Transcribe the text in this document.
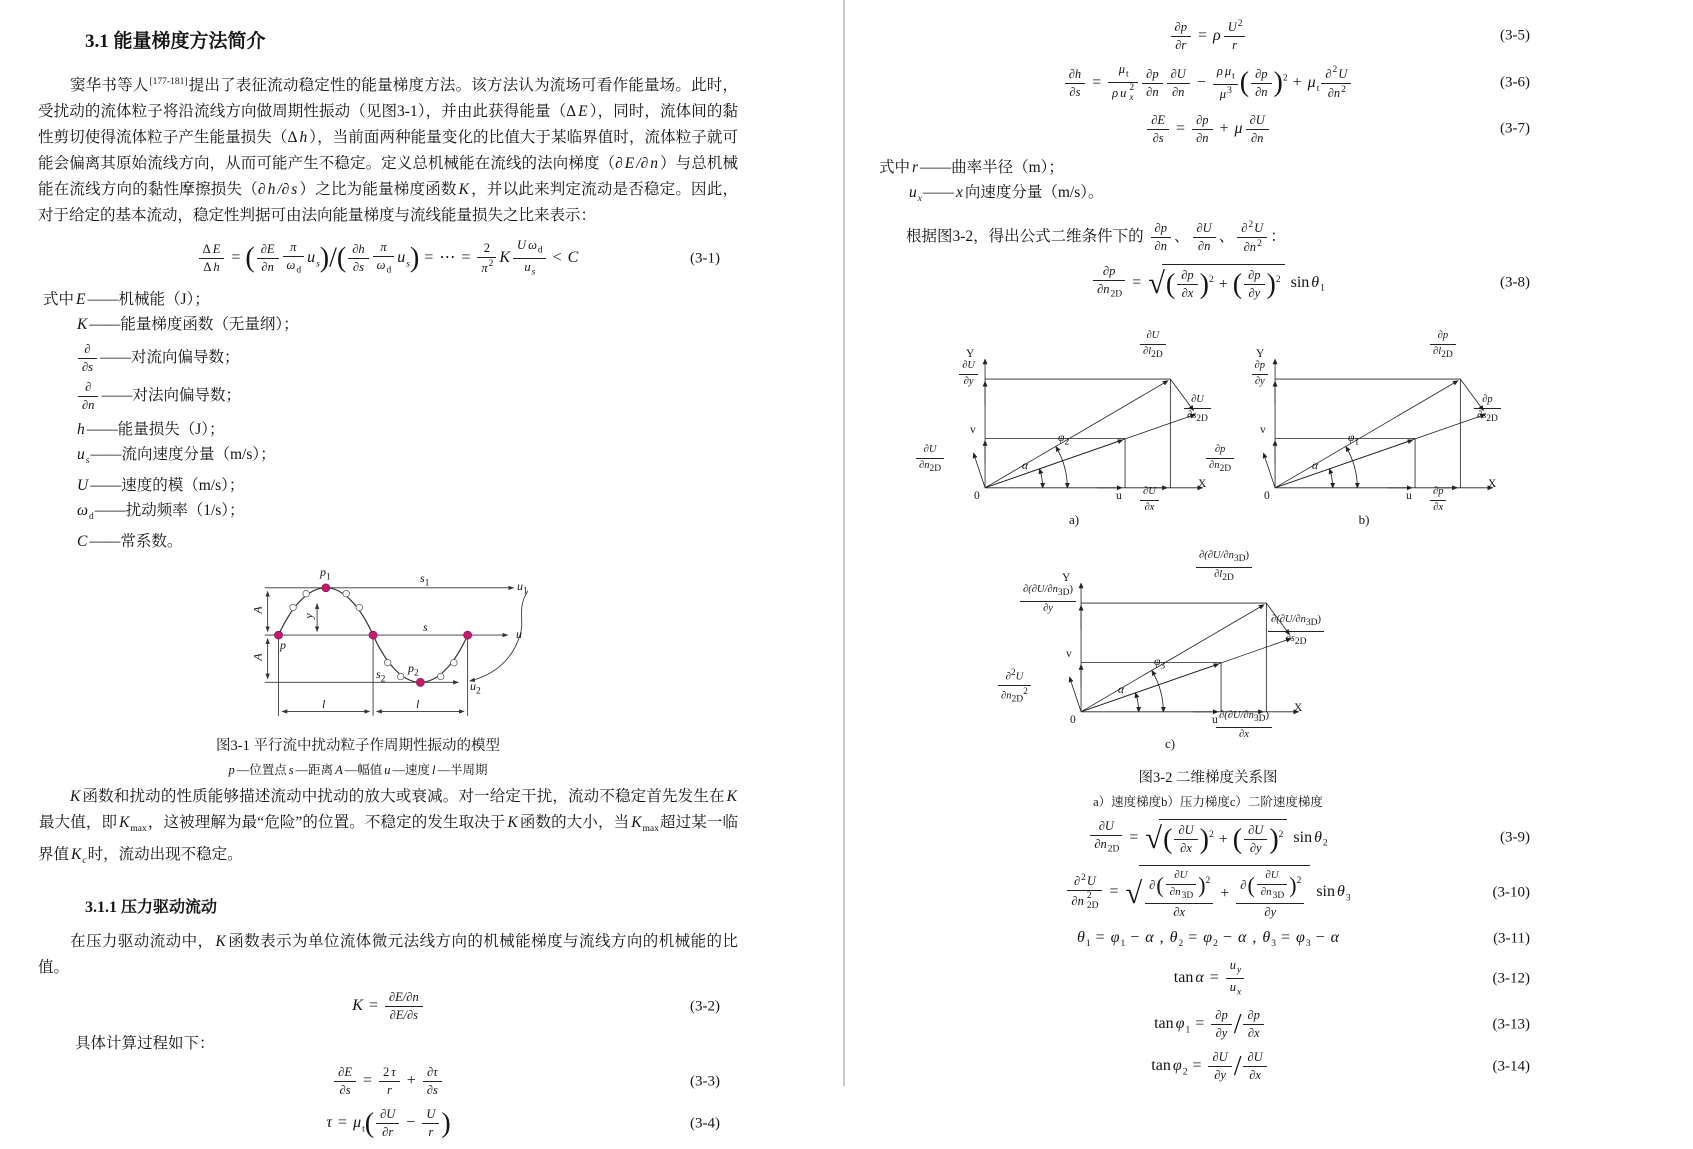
3.1 能量梯度方法简介
窦华书等人[177-181]提出了表征流动稳定性的能量梯度方法。该方法认为流场可看作能量场。此时，受扰动的流体粒子将沿流线方向做周期性振动（见图3-1），并由此获得能量（Δ E ），同时，流体间的黏性剪切使得流体粒子产生能量损失（Δ h ），当前面两种能量变化的比值大于某临界值时，流体粒子就可能会偏离其原始流线方向，从而可能产生不稳定。定义总机械能在流线的法向梯度（∂ E /∂ n ）与总机械能在流线方向的黏性摩擦损失（∂ h /∂ s ）之比为能量梯度函数 K ，并以此来判定流动是否稳定。因此，对于给定的基本流动，稳定性判据可由法向能量梯度与流线能量损失之比来表示：
$\frac{\text{Δ E}}{\text{Δ h}}$ = ( $\frac{\partial E}{\partial n} \frac{\pi}{\omega_d} u_s)/( \frac{\partial h}{\partial s} \frac{\pi}{\omega_d} u_s)$ = ⋯ = $\frac{2}{\pi^2}$ K $\frac{U \omega_d}{u_s} < C$	(3-1)
式中 E ——机械能（J）；
K ——能量梯度函数（无量纲）；
$\frac{\partial}{\partial s}$ ——对流向偏导数；
$\frac{\partial}{\partial n}$ ——对法向偏导数；
h ——能量损失（J）；
$u_s——$流向速度分量（m/s）；
U ——速度的模（m/s）；
$\omega_d——$扰动频率（1/s）；
C ——常系数。
$p_1$	$s_1$	$u_1$
A
A
y
p
s	u
$s_2$
$p_2$
$u_2$
l	l
图3-1 平行流中扰动粒子作周期性振动的模型
p —位置点 s —距离 A —幅值 u —速度 l —半周期
K 函数和扰动的性质能够描述流动中扰动的放大或衰减。对一给定干扰，流动不稳定首先发生在 K最大值，即 $K_{max}$，这被理解为最“危险”的位置。不稳定的发生取决于 K 函数的大小，当 $K_{max}$超过某一临界值 $K_c$时，流动出现不稳定。
3.1.1 压力驱动流动
在压力驱动流动中， K 函数表示为单位流体微元法线方向的机械能梯度与流线方向的机械能的比值。
$K = \frac{\partial E/\partial n}{\partial E/\partial s}$	(3-2)
具体计算过程如下：
$\frac{\partial E}{\partial s} = \frac{2 \tau}{r} + \frac{\partial\tau}{\partial s}$	(3-3)
$\tau = \mu_t( \frac{\partial U}{\partial r} - \frac{U}{r}$ )	(3-4)
$\frac{\partial p}{\partial r} = \rho \frac{U^2}{r}$	(3-5)
$\frac{\partial h}{\partial s} = \mu_t$
ρ u 2
x $\frac{\partial p}{\partial n} \frac{\partial U}{\partial n} - \frac{\rho \mu_t}{\mu^3}$ ( $\frac{\partial p}{\partial n} )^2 + \mu_t \frac{\partial^2U}{\partial n^2}$	(3-6)
$\frac{\partial E}{\partial s} = \frac{\partial p}{\partial n} + \mu \frac{\partial U}{\partial n}$	(3-7)
式中 r ——曲率半径（m）；
$u_x——$ x 向速度分量（m/s）。
根据图3-2，得出公式二维条件下的 $\frac{\partial p}{\partial n}$ 、 $\frac{\partial U}{\partial n}$ 、 $\frac{\partial^2U}{\partial n^2}$ ：
$\frac{\partial p}{\partial n_{2D}}$ = √ ( $\frac{\partial p}{\partial x} )^2$ + ( $\frac{\partial p}{\partial y} )^2$ $\sin \theta_1$	(3-8)
Y
X
0	u
v
$\frac{\partial U}{\partial y}$
$\frac{\partial U}{\partial x}$
$\frac{\partial U}{\partial n_{2D}}$
$\frac{\partial U}{\partial l_{2D}}$
$\frac{\partial U}{\partial s_{2D}}$
α
$\varphi_2$
a)
Y
X
0	u
v
$\frac{\partial p}{\partial y}$
$\frac{\partial p}{\partial x}$
$\frac{\partial p}{\partial n_{2D}}$
$\frac{\partial p}{\partial l_{2D}}$
$\frac{\partial p}{\partial s_{2D}}$
α
$\varphi_1$
b)
Y
X
0	u
v
$\frac{\partial(\partial U/\partial n_{3D})}{\partial y}$
$\frac{\partial(\partial U/\partial n_{3D})}{\partial x}$
$\frac{\partial^2U}{\partial n_{2D}^2}$
$\frac{\partial(\partial U/\partial n_{3D})}{\partial l_{2D}}$
$\frac{\partial(\partial U/\partial n_{3D})}{\partial s_{2D}}$
α
$\varphi_3$
c)
图3-2 二维梯度关系图
a）速度梯度b）压力梯度c）二阶速度梯度
$\frac{\partial U}{\partial n_{2D}}$ = √ ( $\frac{\partial U}{\partial x} )^2$ + ( $\frac{\partial U}{\partial y} )^2$ $\sin \theta_2$	(3-9)
∂$^2$U
∂n 2
2D = √ $\frac{\partial( \frac{\partial U}{\partial n_{3D}} )^2}{\partial x} + \frac{\partial( \frac{\partial U}{\partial n_{3D}} )^2}{\partial y}$ $\sin \theta_3$	(3-10)
$\theta_1 = \varphi_1 - \alpha$ , $\theta_2 = \varphi_2 - \alpha$ , $\theta_3 = \varphi_3 - \alpha$	(3-11)
$\tan \alpha = \frac{u_y}{u_x}$	(3-12)
$\tan \varphi_1 = \frac{\partial p}{\partial y} / \frac{\partial p}{\partial x}$	(3-13)
$\tan \varphi_2 = \frac{\partial U}{\partial y} / \frac{\partial U}{\partial x}$	(3-14)
